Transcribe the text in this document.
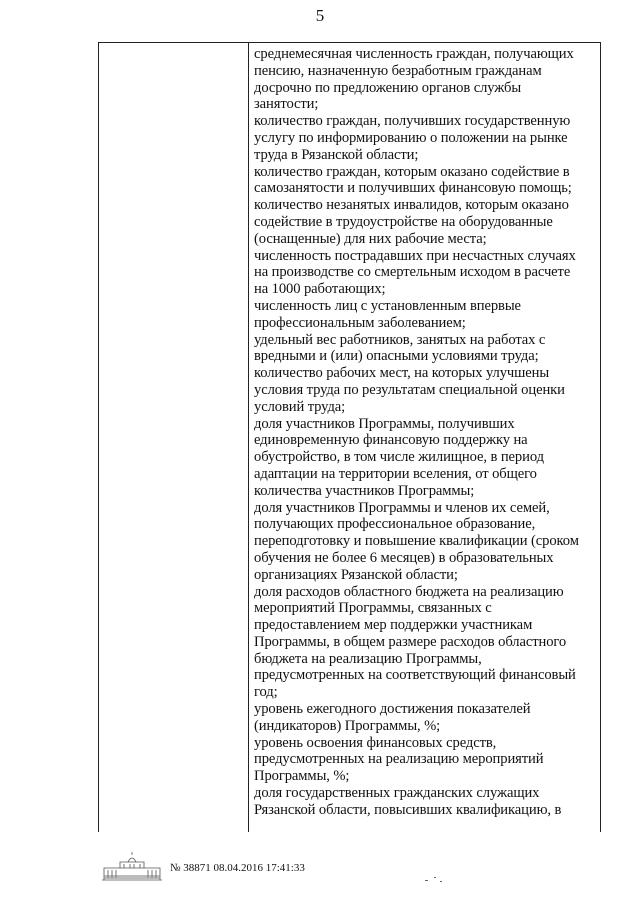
5
среднемесячная численность граждан, получающих
пенсию, назначенную безработным гражданам
досрочно по предложению органов службы
занятости;
количество граждан, получивших государственную
услугу по информированию о положении на рынке
труда в Рязанской области;
количество граждан, которым оказано содействие в
самозанятости и получивших финансовую помощь;
количество незанятых инвалидов, которым оказано
содействие в трудоустройстве на оборудованные
(оснащенные) для них рабочие места;
численность пострадавших при несчастных случаях
на производстве со смертельным исходом в расчете
на 1000 работающих;
численность лиц с установленным впервые
профессиональным заболеванием;
удельный вес работников, занятых на работах с
вредными и (или) опасными условиями труда;
количество рабочих мест, на которых улучшены
условия труда по результатам специальной оценки
условий труда;
доля участников Программы, получивших
единовременную финансовую поддержку на
обустройство, в том числе жилищное, в период
адаптации на территории вселения, от общего
количества участников Программы;
доля участников Программы и членов их семей,
получающих профессиональное образование,
переподготовку и повышение квалификации (сроком
обучения не более 6 месяцев) в образовательных
организациях Рязанской области;
доля расходов областного бюджета на реализацию
мероприятий Программы, связанных с
предоставлением мер поддержки участникам
Программы, в общем размере расходов областного
бюджета на реализацию Программы,
предусмотренных на соответствующий финансовый
год;
уровень ежегодного достижения показателей
(индикаторов) Программы, %;
уровень освоения финансовых средств,
предусмотренных на реализацию мероприятий
Программы, %;
доля государственных гражданских служащих
Рязанской области, повысивших квалификацию, в
№ 38871 08.04.2016 17:41:33
